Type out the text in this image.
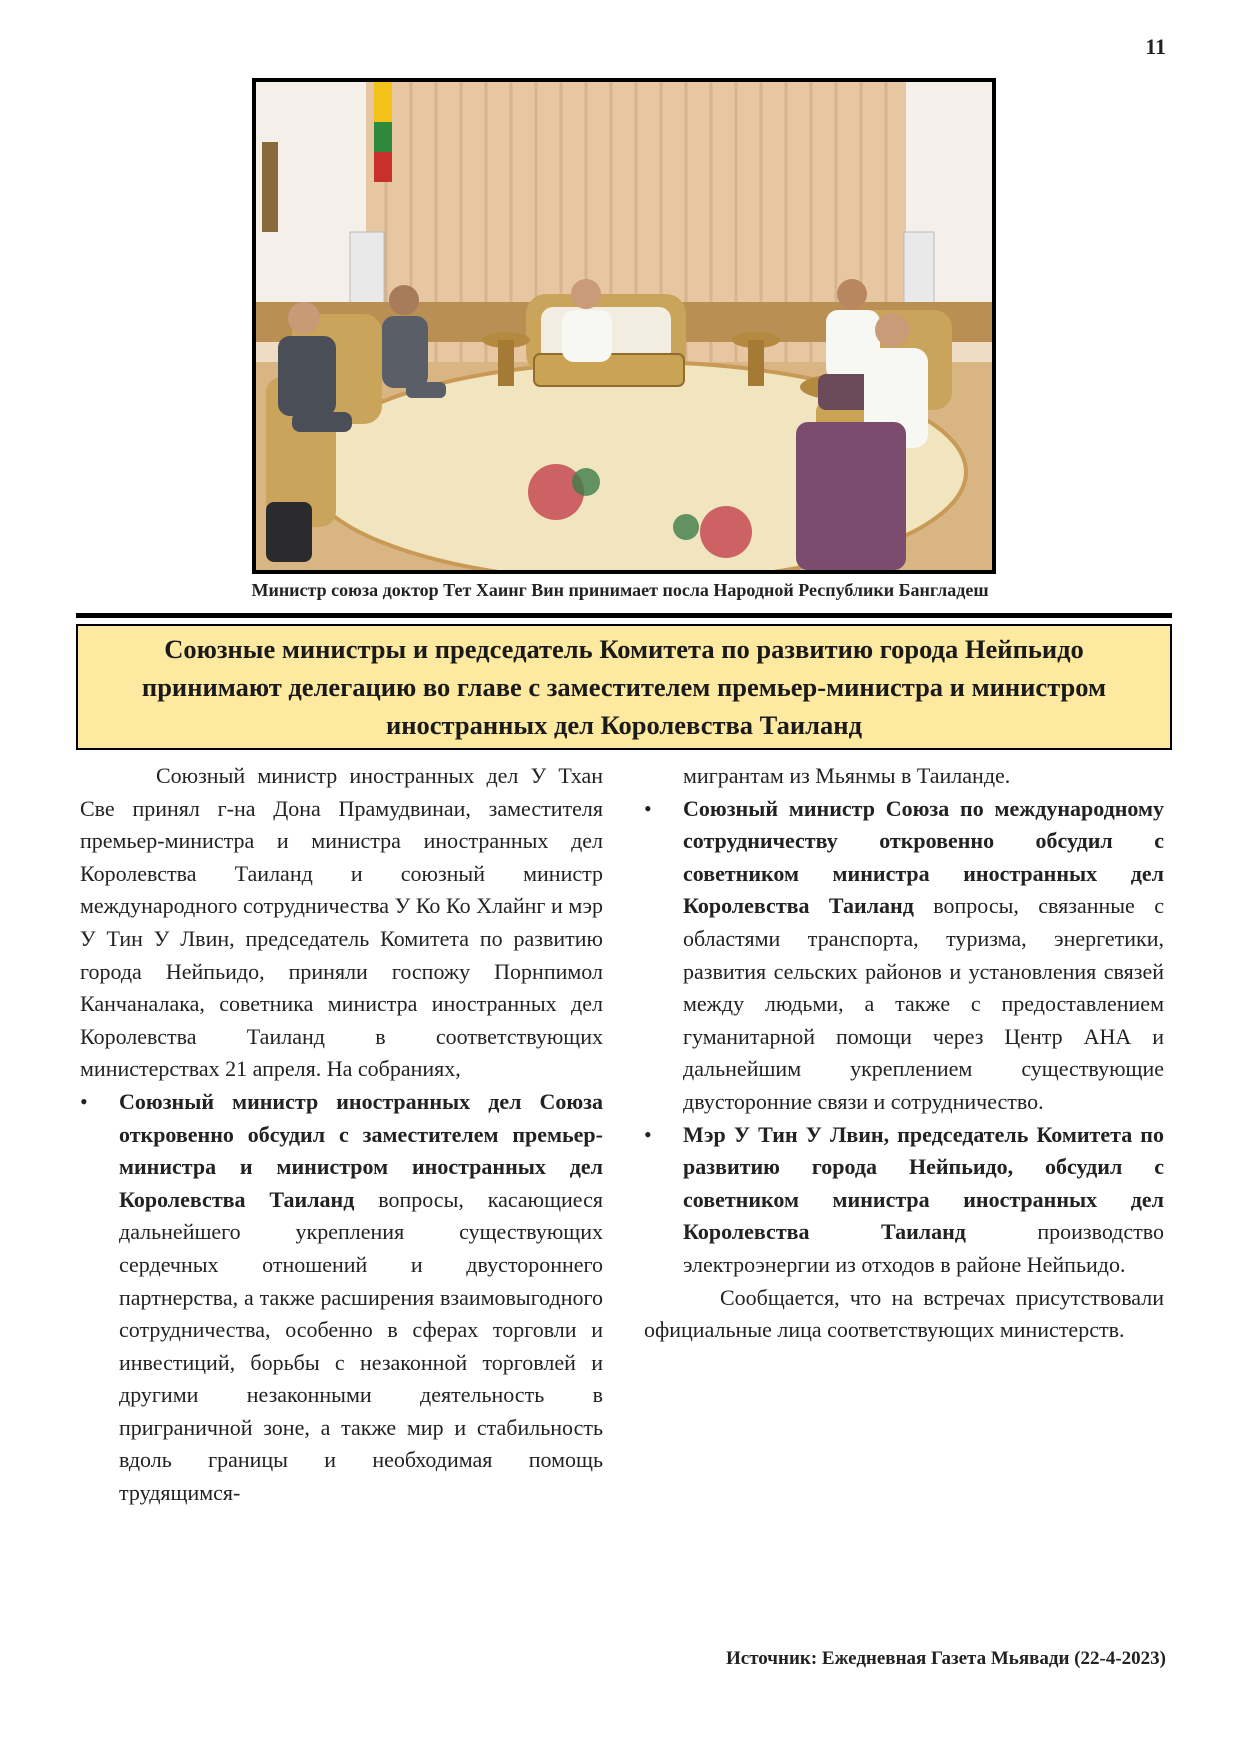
11
Министр союза доктор Тет Хаинг Вин принимает посла Народной Республики Бангладеш
Союзные министры и председатель Комитета по развитию города Нейпьидо принимают делегацию во главе с заместителем премьер-министра и министром иностранных дел Королевства Таиланд

Союзный министр иностранных дел У Тхан Све принял г-на Дона Прамудвинаи, заместителя премьер-министра и министра иностранных дел Королевства Таиланд и союзный министр международного сотрудничества У Ко Ко Хлайнг и мэр У Тин У Лвин, председатель Комитета по развитию города Нейпьидо, приняли госпожу Порнпимол Канчаналака, советника министра иностранных дел Королевства Таиланд в соответствующих министерствах 21 апреля. На собраниях,

• Союзный министр иностранных дел Союза откровенно обсудил с заместителем премьер-министра и министром иностранных дел Королевства Таиланд вопросы, касающиеся дальнейшего укрепления существующих сердечных отношений и двустороннего партнерства, а также расширения взаимовыгодного сотрудничества, особенно в сферах торговли и инвестиций, борьбы с незаконной торговлей и другими незаконными деятельность в приграничной зоне, а также мир и стабильность вдоль границы и необходимая помощь трудящимся-

мигрантам из Мьянмы в Таиланде.

• Союзный министр Союза по международному сотрудничеству откровенно обсудил с советником министра иностранных дел Королевства Таиланд вопросы, связанные с областями транспорта, туризма, энергетики, развития сельских районов и установления связей между людьми, а также с предоставлением гуманитарной помощи через Центр АНА и дальнейшим укреплением существующие двусторонние связи и сотрудничество.
• Мэр У Тин У Лвин, председатель Комитета по развитию города Нейпьидо, обсудил с советником министра иностранных дел Королевства Таиланд производство электроэнергии из отходов в районе Нейпьидо.

Сообщается, что на встречах присутствовали официальные лица соответствующих министерств.

Источник: Ежедневная Газета Мьявади (22-4-2023)
